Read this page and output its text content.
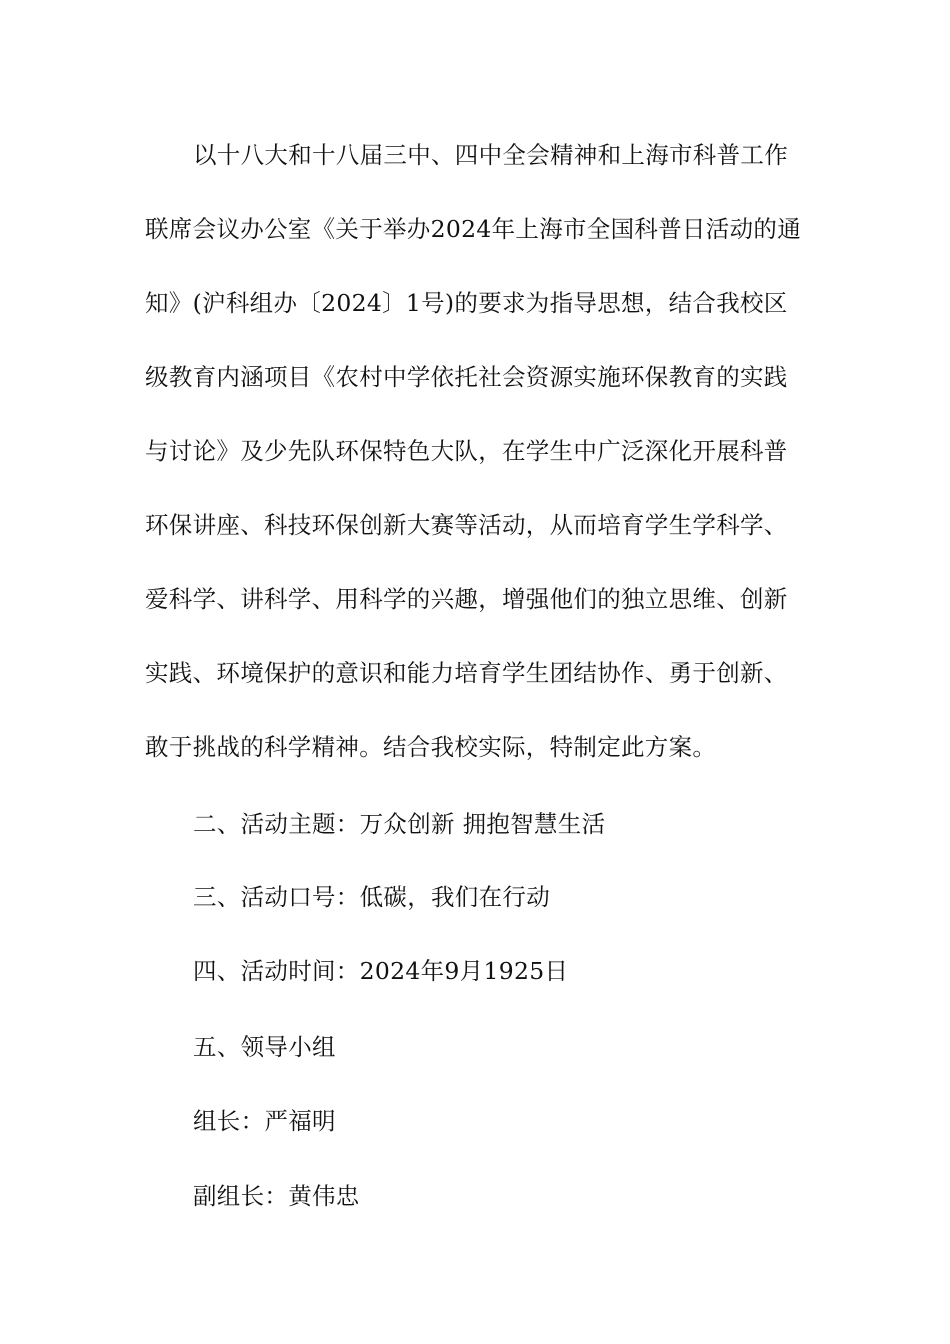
以十八大和十八届三中、四中全会精神和上海市科普工作
联席会议办公室《关于举办2024年上海市全国科普日活动的通
知》(沪科组办〔2024〕1号)的要求为指导思想，结合我校区
级教育内涵项目《农村中学依托社会资源实施环保教育的实践
与讨论》及少先队环保特色大队，在学生中广泛深化开展科普
环保讲座、科技环保创新大赛等活动，从而培育学生学科学、
爱科学、讲科学、用科学的兴趣，增强他们的独立思维、创新
实践、环境保护的意识和能力培育学生团结协作、勇于创新、
敢于挑战的科学精神。结合我校实际，特制定此方案。

二、活动主题：万众创新 拥抱智慧生活

三、活动口号：低碳，我们在行动

四、活动时间：2024年9月1925日

五、领导小组

组长：严福明

副组长：黄伟忠
